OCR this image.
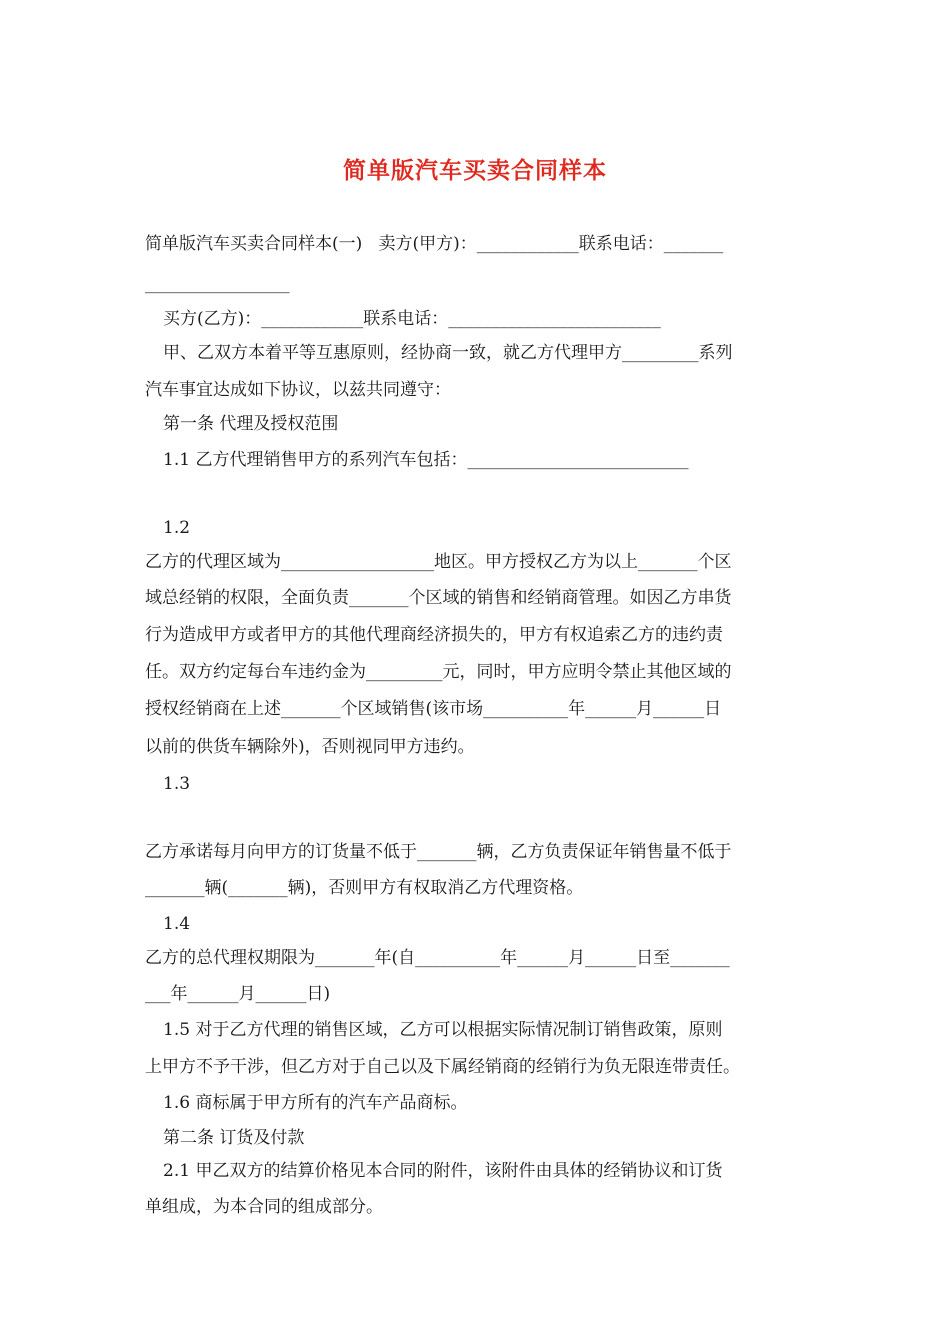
简单版汽车买卖合同样本
简单版汽车买卖合同样本(一)   卖方(甲方)：____________联系电话：_______
_________________
买方(乙方)：____________联系电话：_________________________
甲、乙双方本着平等互惠原则，经协商一致，就乙方代理甲方_________系列
汽车事宜达成如下协议，以兹共同遵守：
第一条 代理及授权范围
1.1 乙方代理销售甲方的系列汽车包括：__________________________
1.2
乙方的代理区域为__________________地区。甲方授权乙方为以上_______个区
域总经销的权限，全面负责_______个区域的销售和经销商管理。如因乙方串货
行为造成甲方或者甲方的其他代理商经济损失的，甲方有权追索乙方的违约责
任。双方约定每台车违约金为_________元，同时，甲方应明令禁止其他区域的
授权经销商在上述_______个区域销售(该市场__________年______月______日
以前的供货车辆除外)，否则视同甲方违约。
1.3
乙方承诺每月向甲方的订货量不低于_______辆，乙方负责保证年销售量不低于
_______辆(_______辆)，否则甲方有权取消乙方代理资格。
1.4
乙方的总代理权期限为_______年(自__________年______月______日至_______
___年______月______日)
1.5 对于乙方代理的销售区域，乙方可以根据实际情况制订销售政策，原则
上甲方不予干涉，但乙方对于自己以及下属经销商的经销行为负无限连带责任。
1.6 商标属于甲方所有的汽车产品商标。
第二条 订货及付款
2.1 甲乙双方的结算价格见本合同的附件，该附件由具体的经销协议和订货
单组成，为本合同的组成部分。
